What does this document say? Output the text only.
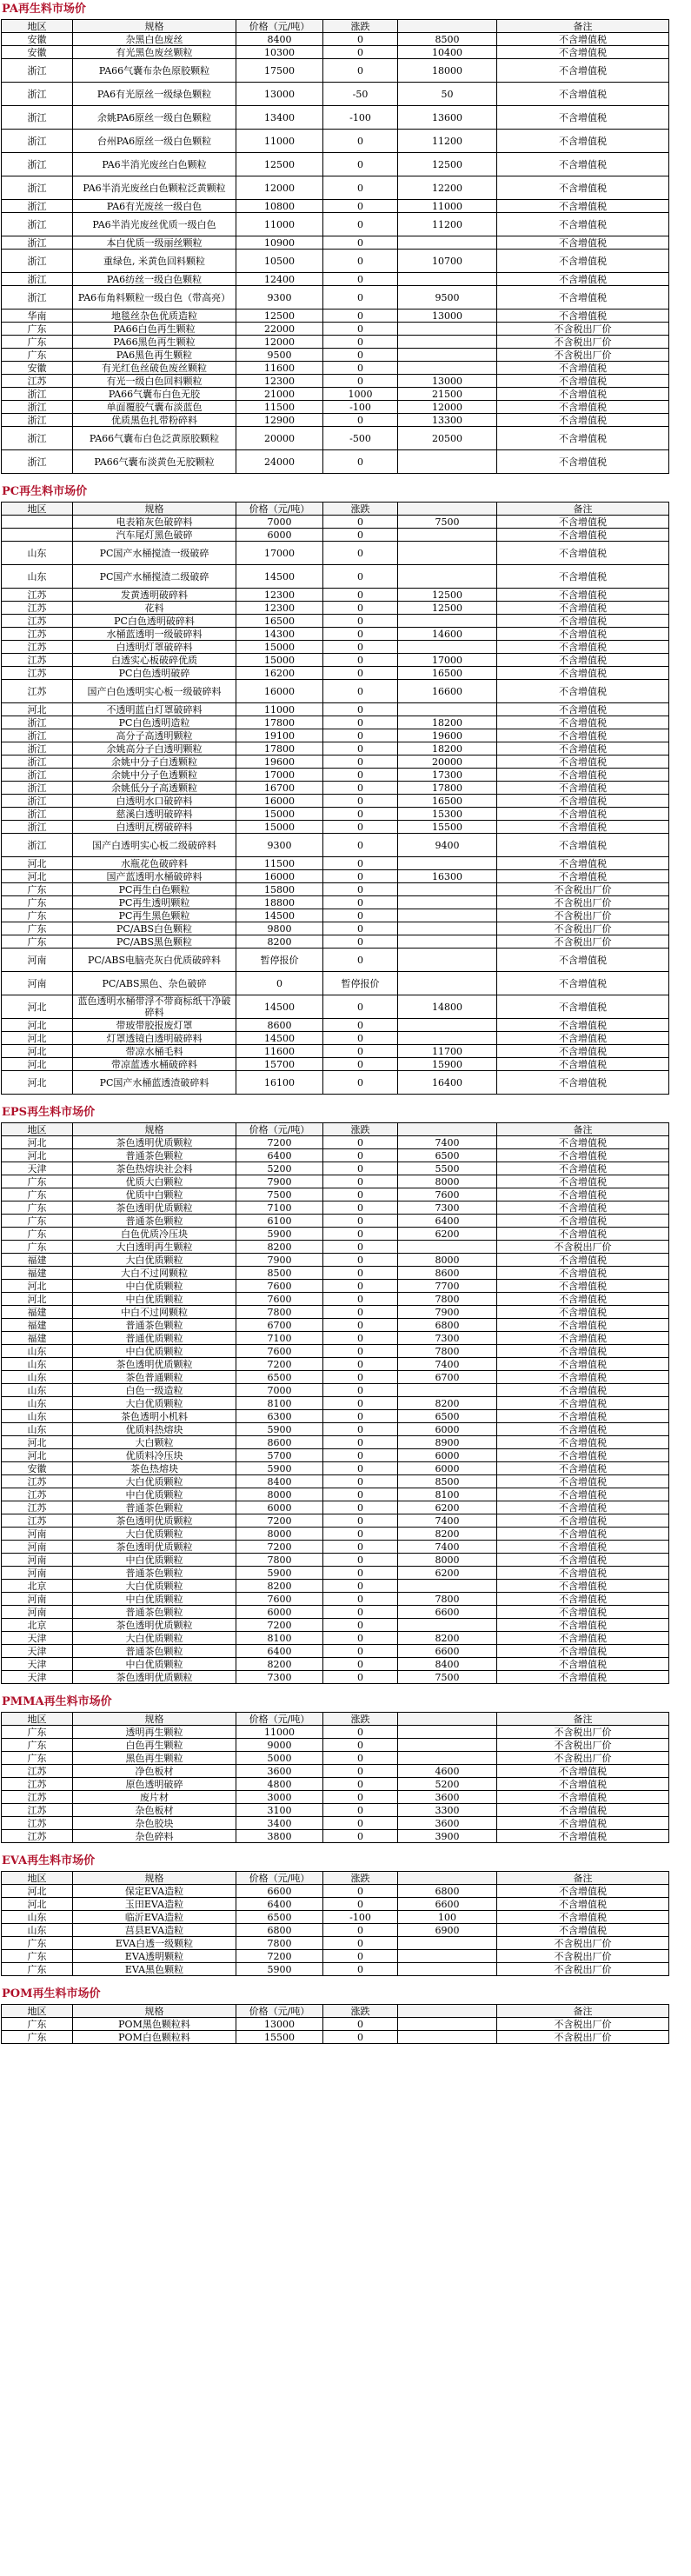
PA再生料市场价
地区	规格	价格（元/吨）	涨跌		备注
安徽	杂黑白色废丝	8400	0	8500	不含增值税
安徽	有光黑色废丝颗粒	10300	0	10400	不含增值税
浙江	PA66气囊布杂色原胶颗粒	17500	0	18000	不含增值税
浙江	PA6有光原丝一级绿色颗粒	13000	-50	50	不含增值税
浙江	余姚PA6原丝一级白色颗粒	13400	-100	13600	不含增值税
浙江	台州PA6原丝一级白色颗粒	11000	0	11200	不含增值税
浙江	PA6半消光废丝白色颗粒	12500	0	12500	不含增值税
浙江	PA6半消光废丝白色颗粒泛黄颗粒	12000	0	12200	不含增值税
浙江	PA6有光废丝一级白色	10800	0	11000	不含增值税
浙江	PA6半消光废丝优质一级白色	11000	0	11200	不含增值税
浙江	本白优质一级丽丝颗粒	10900	0		不含增值税
浙江	重绿色, 米黄色回料颗粒	10500	0	10700	不含增值税
浙江	PA6纺丝一级白色颗粒	12400	0		不含增值税
浙江	PA6布角料颗粒一级白色（带高亮）	9300	0	9500	不含增值税
华南	地毯丝杂色优质造粒	12500	0	13000	不含增值税
广东	PA66白色再生颗粒	22000	0		不含税出厂价
广东	PA66黑色再生颗粒	12000	0		不含税出厂价
广东	PA6黑色再生颗粒	9500	0		不含税出厂价
安徽	有光红色丝破色废丝颗粒	11600	0		不含增值税
江苏	有光一级白色回料颗粒	12300	0	13000	不含增值税
浙江	PA66气囊布白色无胶	21000	1000	21500	不含增值税
浙江	单面覆胶气囊布淡蓝色	11500	-100	12000	不含增值税
浙江	优质黑色扎带粉碎料	12900	0	13300	不含增值税
浙江	PA66气囊布白色泛黄原胶颗粒	20000	-500	20500	不含增值税
浙江	PA66气囊布淡黄色无胶颗粒	24000	0		不含增值税
PC再生料市场价
地区	规格	价格（元/吨）	涨跌		备注
	电表箱灰色破碎料	7000	0	7500	不含增值税
	汽车尾灯黑色破碎	6000	0		不含增值税
山东	PC国产水桶搅渣一级破碎	17000	0		不含增值税
山东	PC国产水桶搅渣二级破碎	14500	0		不含增值税
江苏	发黄透明破碎料	12300	0	12500	不含增值税
江苏	花料	12300	0	12500	不含增值税
江苏	PC白色透明破碎料	16500	0		不含增值税
江苏	水桶蓝透明一级破碎料	14300	0	14600	不含增值税
江苏	白透明灯罩破碎料	15000	0		不含增值税
江苏	白透实心板破碎优质	15000	0	17000	不含增值税
江苏	PC白色透明破碎	16200	0	16500	不含增值税
江苏	国产白色透明实心板一级破碎料	16000	0	16600	不含增值税
河北	不透明蓝白灯罩破碎料	11000	0		不含增值税
浙江	PC白色透明造粒	17800	0	18200	不含增值税
浙江	高分子高透明颗粒	19100	0	19600	不含增值税
浙江	余姚高分子白透明颗粒	17800	0	18200	不含增值税
浙江	余姚中分子白透颗粒	19600	0	20000	不含增值税
浙江	余姚中分子色透颗粒	17000	0	17300	不含增值税
浙江	余姚低分子高透颗粒	16700	0	17800	不含增值税
浙江	白透明水口破碎料	16000	0	16500	不含增值税
浙江	慈溪白透明破碎料	15000	0	15300	不含增值税
浙江	白透明瓦楞破碎料	15000	0	15500	不含增值税
浙江	国产白透明实心板二级破碎料	9300	0	9400	不含增值税
河北	水瓶花色破碎料	11500	0		不含增值税
河北	国产蓝透明水桶破碎料	16000	0	16300	不含增值税
广东	PC再生白色颗粒	15800	0		不含税出厂价
广东	PC再生透明颗粒	18800	0		不含税出厂价
广东	PC再生黑色颗粒	14500	0		不含税出厂价
广东	PC/ABS白色颗粒	9800	0		不含税出厂价
广东	PC/ABS黑色颗粒	8200	0		不含税出厂价
河南	PC/ABS电脑壳灰白优质破碎料	暂停报价	0		不含增值税
河南	PC/ABS黑色、杂色破碎	0	暂停报价		不含增值税
河北	蓝色透明水桶带浮不带商标纸干净破碎料	14500	0	14800	不含增值税
河北	带玻带胶报废灯罩	8600	0		不含增值税
河北	灯罩透镜白透明破碎料	14500	0		不含增值税
河北	带凉水桶毛料	11600	0	11700	不含增值税
河北	带凉蓝透水桶破碎料	15700	0	15900	不含增值税
河北	PC国产水桶蓝透渣破碎料	16100	0	16400	不含增值税
EPS再生料市场价
地区	规格	价格（元/吨）	涨跌		备注
河北	茶色透明优质颗粒	7200	0	7400	不含增值税
河北	普通茶色颗粒	6400	0	6500	不含增值税
天津	茶色热熔块社会料	5200	0	5500	不含增值税
广东	优质大白颗粒	7900	0	8000	不含增值税
广东	优质中白颗粒	7500	0	7600	不含增值税
广东	茶色透明优质颗粒	7100	0	7300	不含增值税
广东	普通茶色颗粒	6100	0	6400	不含增值税
广东	白色优质冷压块	5900	0	6200	不含增值税
广东	大白透明再生颗粒	8200	0		不含税出厂价
福建	大白优质颗粒	7900	0	8000	不含增值税
福建	大白不过网颗粒	8500	0	8600	不含增值税
河北	中白优质颗粒	7600	0	7700	不含增值税
河北	中白优质颗粒	7600	0	7800	不含增值税
福建	中白不过网颗粒	7800	0	7900	不含增值税
福建	普通茶色颗粒	6700	0	6800	不含增值税
福建	普通优质颗粒	7100	0	7300	不含增值税
山东	中白优质颗粒	7600	0	7800	不含增值税
山东	茶色透明优质颗粒	7200	0	7400	不含增值税
山东	茶色普通颗粒	6500	0	6700	不含增值税
山东	白色一级造粒	7000	0		不含增值税
山东	大白优质颗粒	8100	0	8200	不含增值税
山东	茶色透明小机料	6300	0	6500	不含增值税
山东	优质料热熔块	5900	0	6000	不含增值税
河北	大白颗粒	8600	0	8900	不含增值税
河北	优质料冷压块	5700	0	6000	不含增值税
安徽	茶色热熔块	5900	0	6000	不含增值税
江苏	大白优质颗粒	8400	0	8500	不含增值税
江苏	中白优质颗粒	8000	0	8100	不含增值税
江苏	普通茶色颗粒	6000	0	6200	不含增值税
江苏	茶色透明优质颗粒	7200	0	7400	不含增值税
河南	大白优质颗粒	8000	0	8200	不含增值税
河南	茶色透明优质颗粒	7200	0	7400	不含增值税
河南	中白优质颗粒	7800	0	8000	不含增值税
河南	普通茶色颗粒	5900	0	6200	不含增值税
北京	大白优质颗粒	8200	0		不含增值税
河南	中白优质颗粒	7600	0	7800	不含增值税
河南	普通茶色颗粒	6000	0	6600	不含增值税
北京	茶色透明优质颗粒	7200	0		不含增值税
天津	大白优质颗粒	8100	0	8200	不含增值税
天津	普通茶色颗粒	6400	0	6600	不含增值税
天津	中白优质颗粒	8200	0	8400	不含增值税
天津	茶色透明优质颗粒	7300	0	7500	不含增值税
PMMA再生料市场价
地区	规格	价格（元/吨）	涨跌		备注
广东	透明再生颗粒	11000	0		不含税出厂价
广东	白色再生颗粒	9000	0		不含税出厂价
广东	黑色再生颗粒	5000	0		不含税出厂价
江苏	净色板材	3600	0	4600	不含增值税
江苏	原色透明破碎	4800	0	5200	不含增值税
江苏	废片材	3000	0	3600	不含增值税
江苏	杂色板材	3100	0	3300	不含增值税
江苏	杂色胶块	3400	0	3600	不含增值税
江苏	杂色碎料	3800	0	3900	不含增值税
EVA再生料市场价
地区	规格	价格（元/吨）	涨跌		备注
河北	保定EVA造粒	6600	0	6800	不含增值税
河北	玉田EVA造粒	6400	0	6600	不含增值税
山东	临沂EVA造粒	6500	-100	100	不含增值税
山东	莒县EVA造粒	6800	0	6900	不含增值税
广东	EVA白透一级颗粒	7800	0		不含税出厂价
广东	EVA透明颗粒	7200	0		不含税出厂价
广东	EVA黑色颗粒	5900	0		不含税出厂价
POM再生料市场价
地区	规格	价格（元/吨）	涨跌		备注
广东	POM黑色颗粒料	13000	0		不含税出厂价
广东	POM白色颗粒料	15500	0		不含税出厂价
